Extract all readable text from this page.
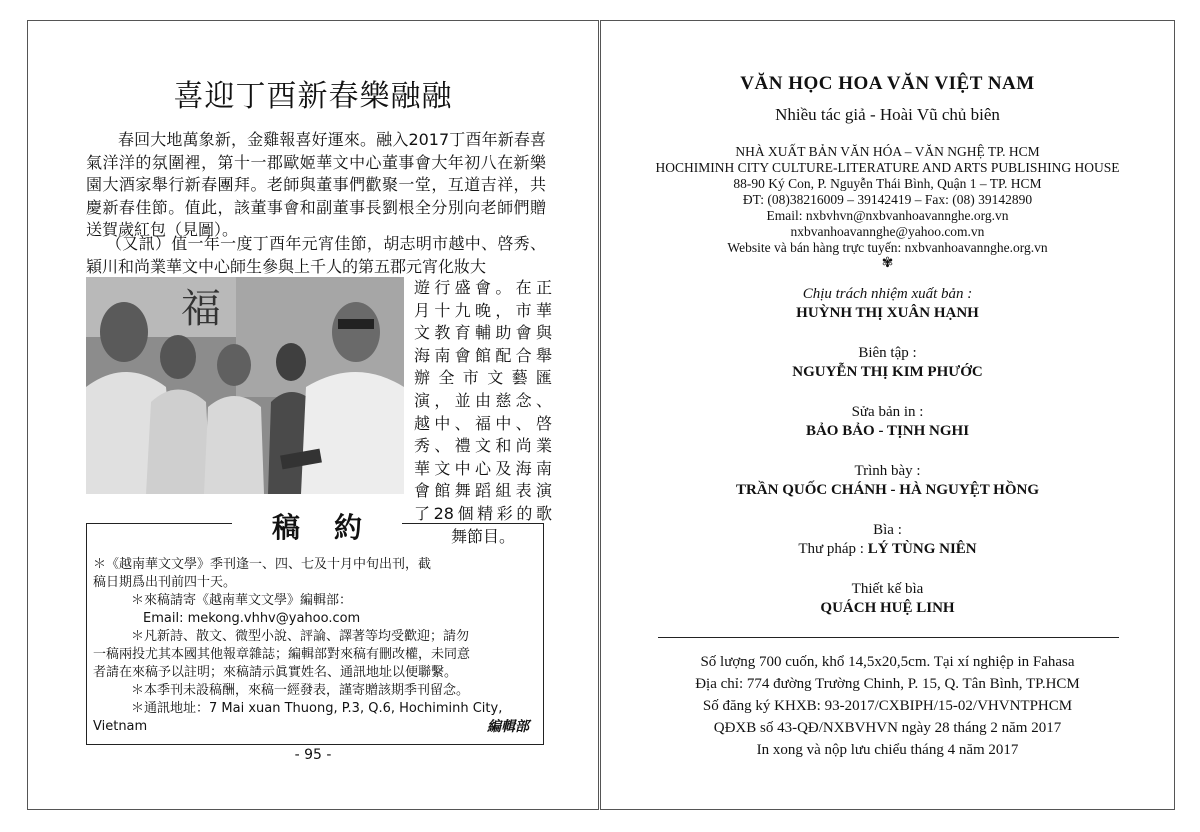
喜迎丁酉新春樂融融
春回大地萬象新，金雞報喜好運來。融入2017丁酉年新春喜氣洋洋的氛圍裡，第十一郡歐姬華文中心董事會大年初八在新樂園大酒家舉行新春團拜。老師與董事們歡聚一堂，互道吉祥，共慶新春佳節。值此，該董事會和副董事長劉根全分別向老師們贈送賀歲紅包（見圖）。
（又訊）值一年一度丁酉年元宵佳節，胡志明市越中、啓秀、穎川和尚業華文中心師生參與上千人的第五郡元宵化妝大
福	遊行盛會。在正
月十九晚，市華
文教育輔助會與
海南會館配合舉
辦全市文藝匯
演，並由慈念、
越中、福中、啓
秀、禮文和尚業
華文中心及海南
會館舞蹈組表演
了28個精彩的歌
舞節目。
稿約
＊《越南華文文學》季刊逢一、四、七及十月中旬出刊，截
稿日期爲出刊前四十天。
＊來稿請寄《越南華文文學》編輯部：
Email: mekong.vhhv@yahoo.com
＊凡新詩、散文、微型小說、評論、譯著等均受歡迎；請勿
一稿兩投尤其本國其他報章雜誌；編輯部對來稿有刪改權，未同意
者請在來稿予以註明；來稿請示眞實姓名、通訊地址以便聯繫。
＊本季刊未設稿酬，來稿一經發表，謹寄贈該期季刊留念。
＊通訊地址：7 Mai xuan Thuong, P.3, Q.6, Hochiminh City,
Vietnam	編輯部
- 95 -
VĂN HỌC HOA VĂN VIỆT NAM
Nhiều tác giả - Hoài Vũ chủ biên
NHÀ XUẤT BẢN VĂN HÓA – VĂN NGHỆ TP. HCM
HOCHIMINH CITY CULTURE-LITERATURE AND ARTS PUBLISHING HOUSE
88-90 Ký Con, P. Nguyễn Thái Bình, Quận 1 – TP. HCM
ĐT: (08)38216009 – 39142419 – Fax: (08) 39142890
Email: nxbvhvn@nxbvanhoavannghe.org.vn
nxbvanhoavannghe@yahoo.com.vn
Website và bán hàng trực tuyến: nxbvanhoavannghe.org.vn
✾
Chịu trách nhiệm xuất bản :
HUỲNH THỊ XUÂN HẠNH
Biên tập :
NGUYỄN THỊ KIM PHƯỚC
Sửa bản in :
BẢO BẢO - TỊNH NGHI
Trình bày :
TRẦN QUỐC CHÁNH - HÀ NGUYỆT HỒNG
Bìa :
Thư pháp : LÝ TÙNG NIÊN
Thiết kế bìa
QUÁCH HUỆ LINH
Số lượng 700 cuốn, khổ 14,5x20,5cm. Tại xí nghiệp in Fahasa
Địa chỉ: 774 đường Trường Chinh, P. 15, Q. Tân Bình, TP.HCM
Số đăng ký KHXB: 93-2017/CXBIPH/15-02/VHVNTPHCM
QĐXB số 43-QĐ/NXBVHVN ngày 28 tháng 2 năm 2017
In xong và nộp lưu chiểu tháng 4 năm 2017
